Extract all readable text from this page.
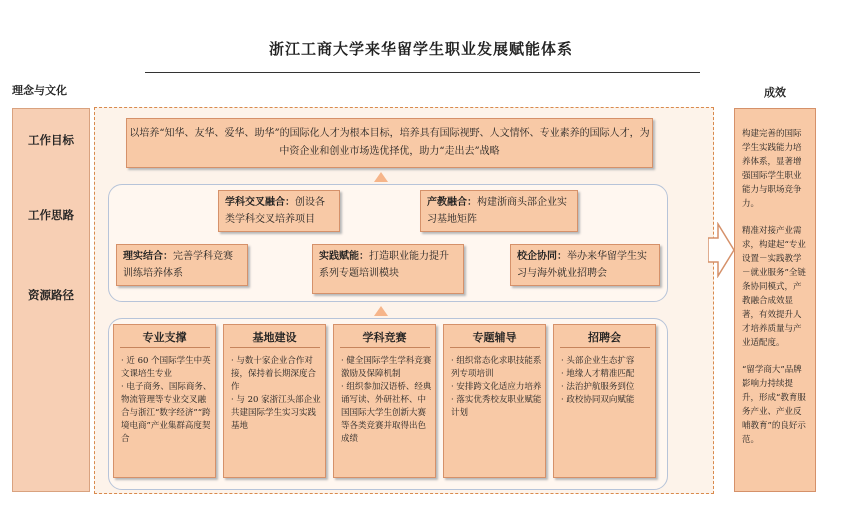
浙江工商大学来华留学生职业发展赋能体系
理念与文化
工作目标
工作思路
资源路径
以培养“知华、友华、爱华、助华”的国际化人才为根本目标，培养具有国际视野、人文情怀、专业素养的国际人才，为中资企业和创业市场选优择优，助力“走出去”战略
学科交叉融合：创设各类学科交叉培养项目
产教融合：构建浙商头部企业实习基地矩阵
理实结合：完善学科竞赛训练培养体系
实践赋能：打造职业能力提升系列专题培训模块
校企协同：举办来华留学生实习与海外就业招聘会
专业支撑
· 近 60 个国际学生中英文课培生专业
· 电子商务、国际商务、物流管理等专业交叉融合与浙江“数字经济”“跨境电商”产业集群高度契合
基地建设
· 与数十家企业合作对接，保持着长期深度合作
· 与 20 家浙江头部企业共建国际学生实习实践基地
学科竞赛
· 健全国际学生学科竞赛激励及保障机制
· 组织参加汉语桥、经典诵写读、外研社杯、中国国际大学生创新大赛等各类竞赛并取得出色成绩
专题辅导
· 组织常态化求职技能系列专项培训
· 安排跨文化适应力培养
· 落实优秀校友职业赋能计划
招聘会
· 头部企业生态扩容
· 地缘人才精准匹配
· 法治护航服务到位
· 政校协同双向赋能
成效

构建完善的国际学生实践能力培养体系，显著增强国际学生职业能力与职场竞争力。

精准对接产业需求，构建起“专业设置－实践教学－就业服务”全链条协同模式，产教融合成效显著，有效提升人才培养质量与产业适配度。

“留学商大”品牌影响力持续提升，形成“教育服务产业、产业反哺教育”的良好示范。
